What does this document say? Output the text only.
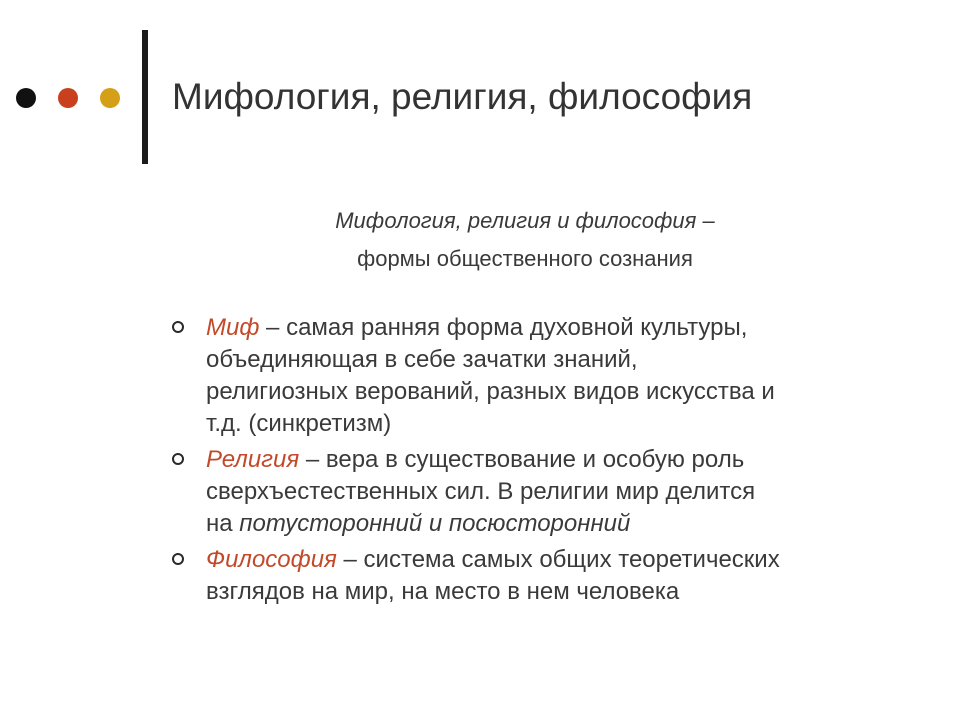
Мифология, религия, философия
Мифология, религия и философия –
формы общественного сознания
Миф – самая ранняя форма духовной культуры,
объединяющая в себе зачатки знаний,
религиозных верований, разных видов искусства и
т.д. (синкретизм)
Религия – вера в существование и особую роль
сверхъестественных сил. В религии мир делится
на потусторонний и посюсторонний
Философия – система самых общих теоретических
взглядов на мир, на место в нем человека
